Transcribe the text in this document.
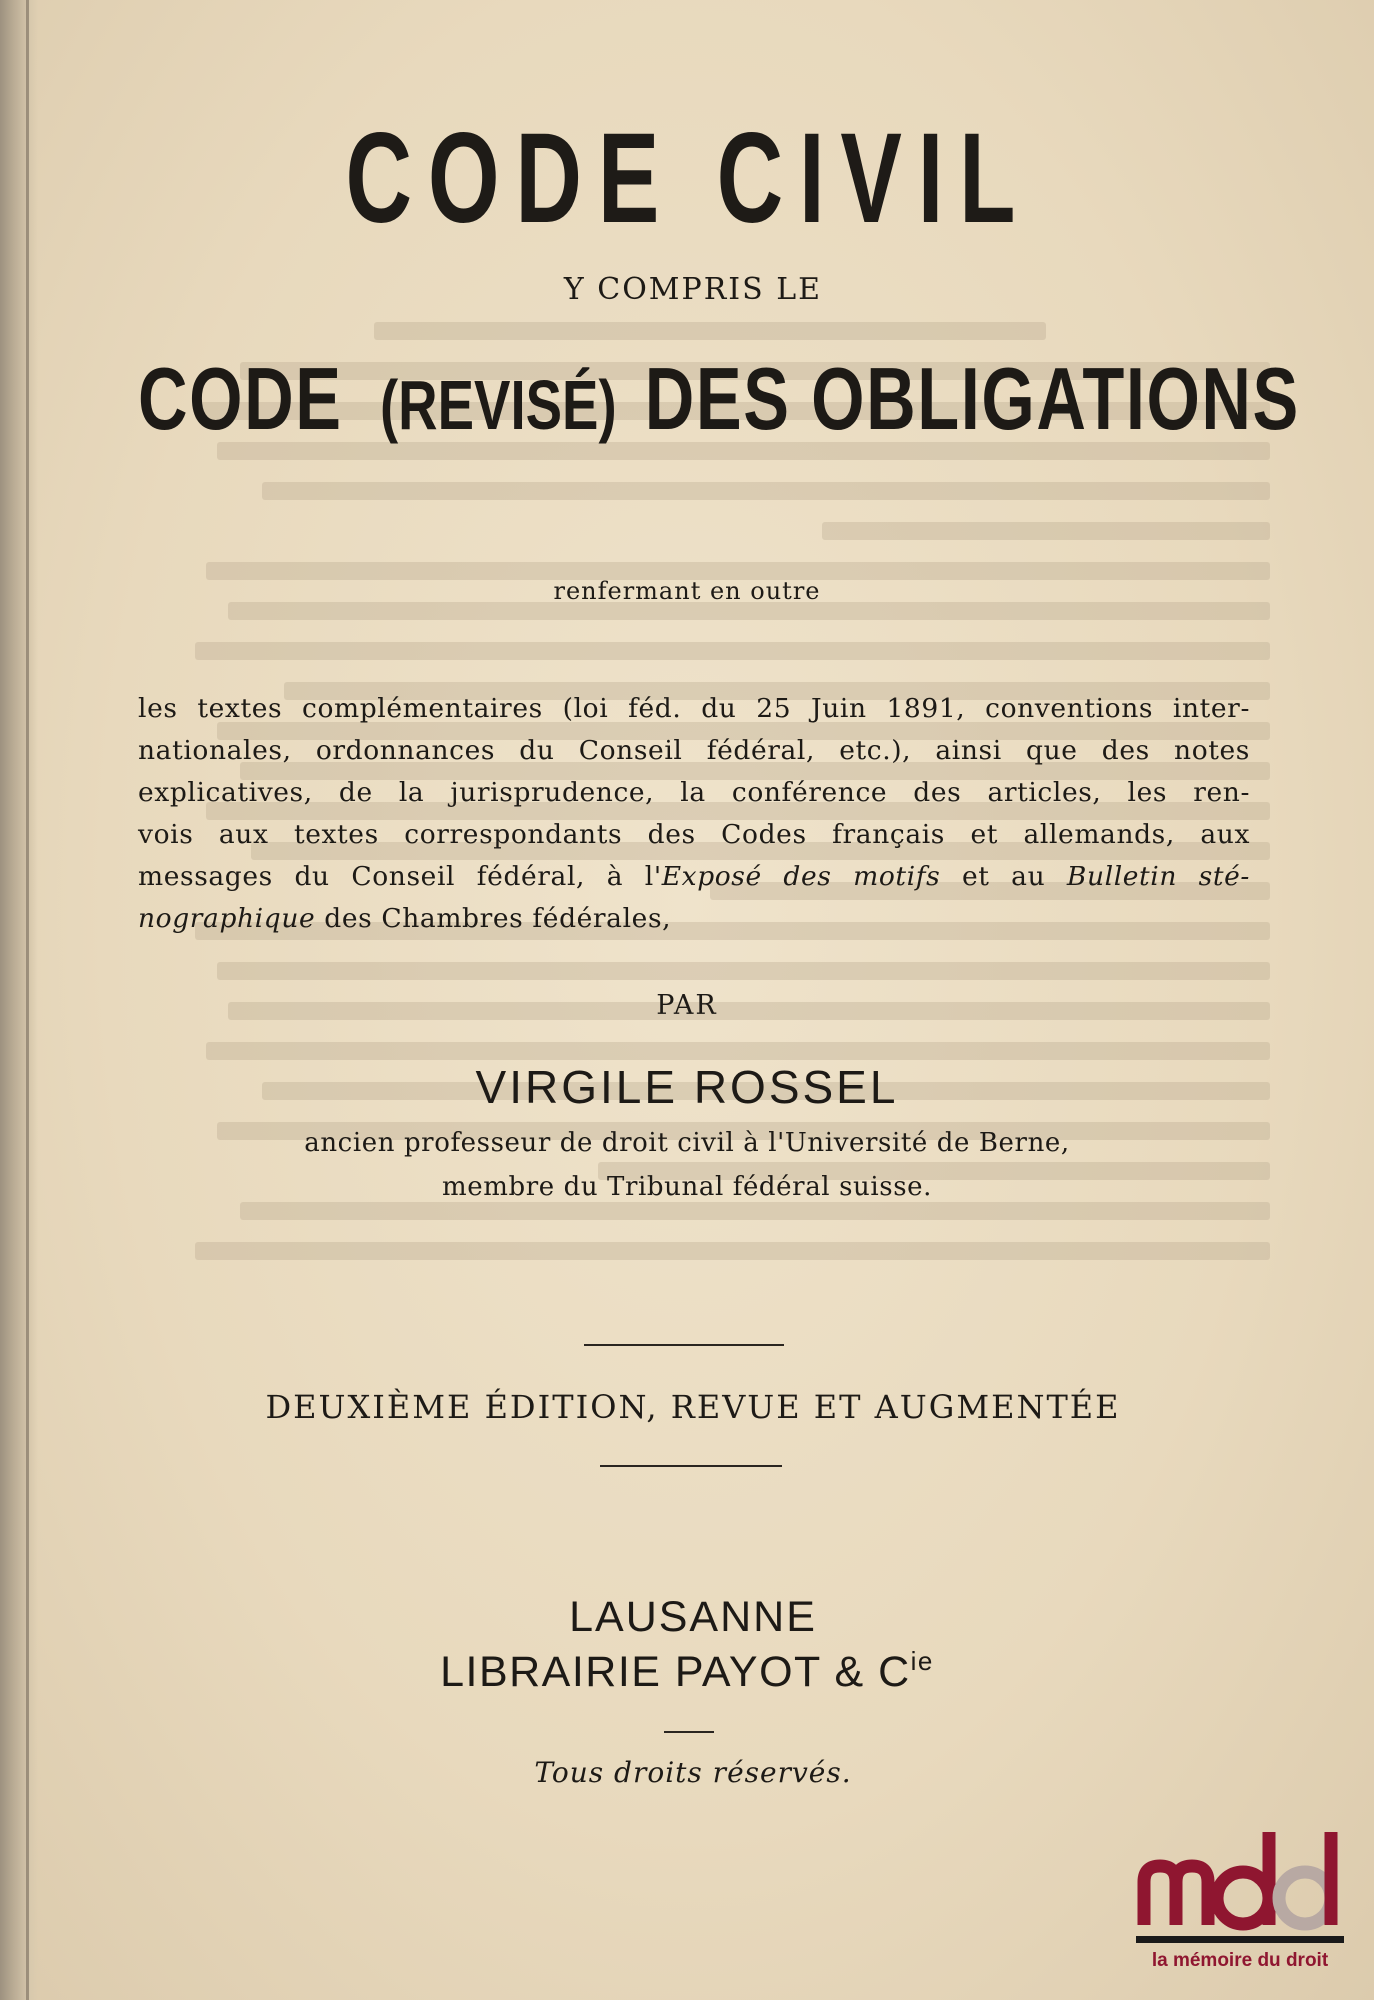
CODE CIVIL
Y COMPRIS LE
CODE (REVISÉ) DES OBLIGATIONS
renfermant en outre
les textes complémentaires (loi féd. du 25 Juin 1891, conventions inter-
nationales, ordonnances du Conseil fédéral, etc.), ainsi que des notes
explicatives, de la jurisprudence, la conférence des articles, les ren-
vois aux textes correspondants des Codes français et allemands, aux
messages du Conseil fédéral, à l'Exposé des motifs et au Bulletin sté-
nographique des Chambres fédérales,
PAR
VIRGILE ROSSEL
ancien professeur de droit civil à l'Université de Berne,
membre du Tribunal fédéral suisse.
DEUXIÈME ÉDITION, REVUE ET AUGMENTÉE
LAUSANNE
LIBRAIRIE PAYOT & $C^{ie}$
Tous droits réservés.
la mémoire du droit
